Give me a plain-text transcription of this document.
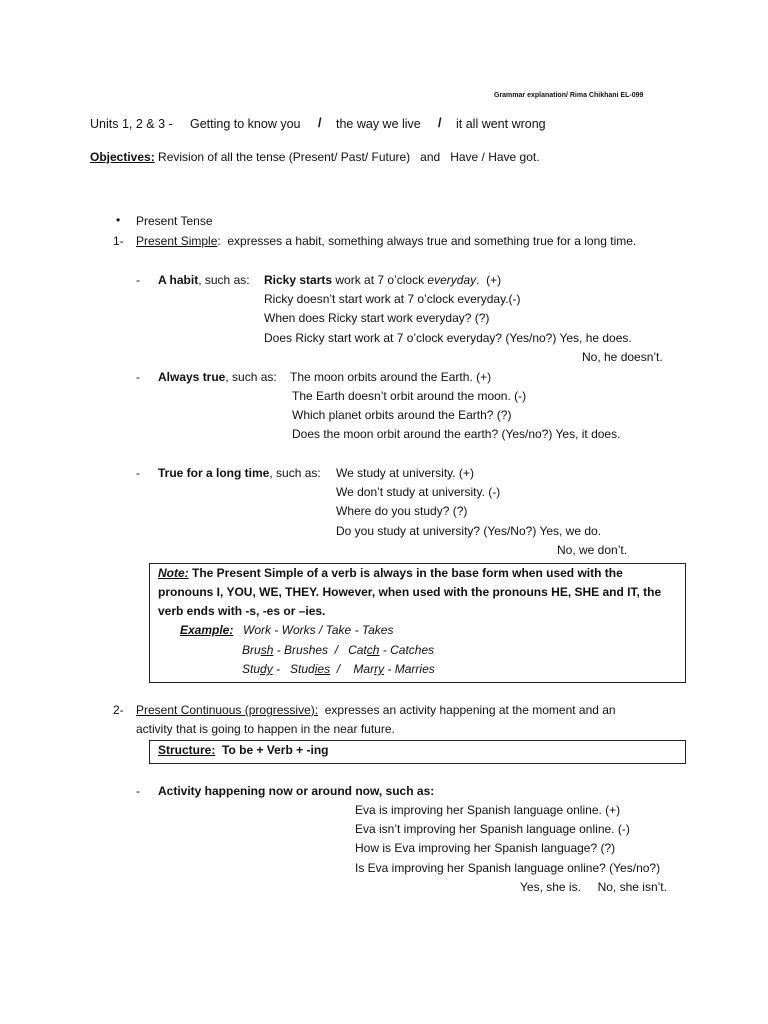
Grammar explanation/ Rima Chikhani EL-099
Units 1, 2 & 3 - Getting to know you / the way we live / it all went wrong
Objectives: Revision of all the tense (Present/ Past/ Future)   and   Have / Have got.
• Present Tense
1- Present Simple:  expresses a habit, something always true and something true for a long time.
- A habit, such as: Ricky starts work at 7 o’clock everyday.  (+)
Ricky doesn’t start work at 7 o’clock everyday.(-)
When does Ricky start work everyday? (?)
Does Ricky start work at 7 o’clock everyday? (Yes/no?) Yes, he does.
No, he doesn’t.
- Always true, such as: The moon orbits around the Earth. (+)
The Earth doesn’t orbit around the moon. (-)
Which planet orbits around the Earth? (?)
Does the moon orbit around the earth? (Yes/no?) Yes, it does.
- True for a long time, such as: We study at university. (+)
We don’t study at university. (-)
Where do you study? (?)
Do you study at university? (Yes/No?) Yes, we do.
No, we don’t.
Note: The Present Simple of a verb is always in the base form when used with the
pronouns I, YOU, WE, THEY. However, when used with the pronouns HE, SHE and IT, the
verb ends with -s, -es or –ies.
Example: Work - Works / Take - Takes
Brush - Brushes  /   Catch - Catches
Study -   Studies  /    Marry - Marries
2- Present Continuous (progressive):  expresses an activity happening at the moment and an
activity that is going to happen in the near future.
Structure:  To be + Verb + -ing
- Activity happening now or around now, such as:
Eva is improving her Spanish language online. (+)
Eva isn’t improving her Spanish language online. (-)
How is Eva improving her Spanish language? (?)
Is Eva improving her Spanish language online? (Yes/no?)
Yes, she is.     No, she isn’t.
